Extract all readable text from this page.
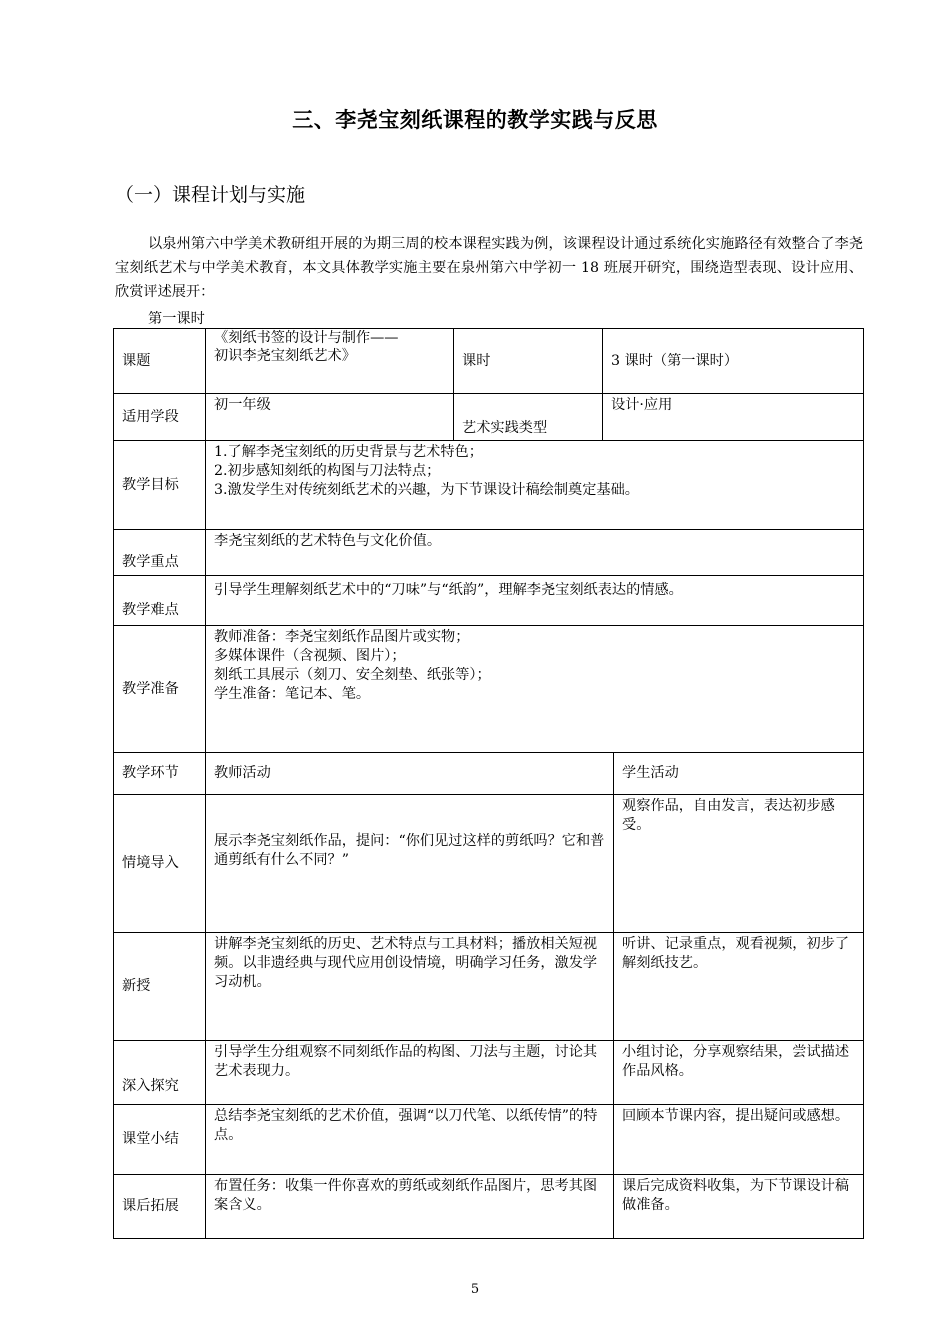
三、李尧宝刻纸课程的教学实践与反思
（一）课程计划与实施

以泉州第六中学美术教研组开展的为期三周的校本课程实践为例，该课程设计通过系统化实施路径有效整合了李尧宝刻纸艺术与中学美术教育，本文具体教学实施主要在泉州第六中学初一 18 班展开研究，围绕造型表现、设计应用、欣赏评述展开：

第一课时
课题	《刻纸书签的设计与制作——
初识李尧宝刻纸艺术》	课时	3 课时（第一课时）	
适用学段	初一年级	艺术实践类型	设计·应用	
教学目标	1.了解李尧宝刻纸的历史背景与艺术特色；
2.初步感知刻纸的构图与刀法特点；
3.激发学生对传统刻纸艺术的兴趣，为下节课设计稿绘制奠定基础。			

教学重点	李尧宝刻纸的艺术特色与文化价值。			
教学难点	引导学生理解刻纸艺术中的“刀味”与“纸韵”，理解李尧宝刻纸表达的情感。			
教学准备	教师准备：李尧宝刻纸作品图片或实物；
多媒体课件（含视频、图片）；
刻纸工具展示（刻刀、安全刻垫、纸张等）；
学生准备：笔记本、笔。			

教学环节	教师活动			学生活动
情境导入	展示李尧宝刻纸作品，提问：“你们见过这样的剪纸吗？它和普通剪纸有什么不同？”			观察作品，自由发言，表达初步感受。
新授	讲解李尧宝刻纸的历史、艺术特点与工具材料；播放相关短视频。以非遗经典与现代应用创设情境，明确学习任务，激发学习动机。			听讲、记录重点，观看视频，初步了解刻纸技艺。
深入探究	引导学生分组观察不同刻纸作品的构图、刀法与主题，讨论其艺术表现力。			小组讨论，分享观察结果，尝试描述作品风格。
课堂小结	总结李尧宝刻纸的艺术价值，强调“以刀代笔、以纸传情”的特点。			回顾本节课内容，提出疑问或感想。
课后拓展	布置任务：收集一件你喜欢的剪纸或刻纸作品图片，思考其图案含义。			课后完成资料收集，为下节课设计稿做准备。
5
